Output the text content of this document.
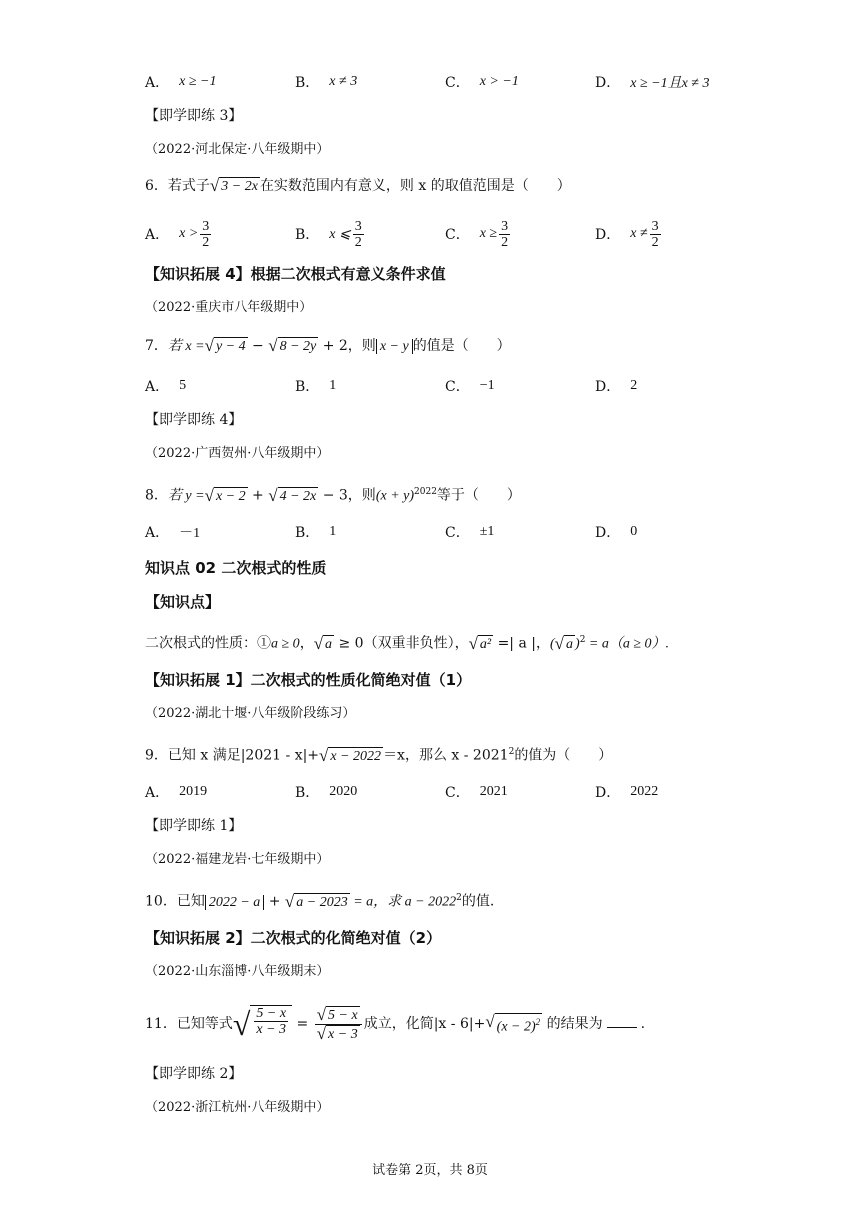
A． x ≥ −1	B． x ≠ 3	C． x > −1	D． x ≥ −1且x ≠ 3
【即学即练 3】
（2022·河北保定·八年级期中）
6．若式子 √ 3 − 2x 在实数范围内有意义，则 x 的取值范围是（　　）
A． $x > \frac{3}{2}$	B． x ⩽ $\frac{3}{2}$	C． $x \ge \frac{3}{2}$	D． $x \ne \frac{3}{2}$
【知识拓展 4】根据二次根式有意义条件求值
（2022·重庆市八年级期中）
7．若 x = √ y − 4 − √ 8 − 2y + 2，则 x − y 的值是（　　）
A． 5	B． 1	C． −1	D． 2
【即学即练 4】
（2022·广西贺州·八年级期中）
8．若 y = √ x − 2 + √ 4 − 2x − 3，则$(x + y)^{2022}$等于（　　）
A． －1	B． 1	C． ±1	D． 0
知识点 02 二次根式的性质
【知识点】
二次根式的性质：①a ≥ 0， √ a ≥ 0（双重非负性）， √ a² =| a |，( √ a )$^2$ = a（a ≥ 0）.
【知识拓展 1】二次根式的性质化简绝对值（1）
（2022·湖北十堰·八年级阶段练习）
9．已知 x 满足|2021 - x|+ √ x − 2022 ＝x，那么 x - 2021$^2$的值为（　　）
A． 2019	B． 2020	C． 2021	D． 2022
【即学即练 1】
（2022·福建龙岩·七年级期中）
10．已知 2022 − a + √ a − 2023 = a，求 $a - 2022^2$的值.
【知识拓展 2】二次根式的化简绝对值（2）
（2022·山东淄博·八年级期末）
11．已知等式 √ $\frac{5 - x}{x - 3} = \frac{√ 5 - x}{√ x - 3}$ 成立，化简|x - 6|+ √ $(x - 2)^2$ 的结果为	.
【即学即练 2】
（2022·浙江杭州·八年级期中）
试卷第 2页，共 8页
